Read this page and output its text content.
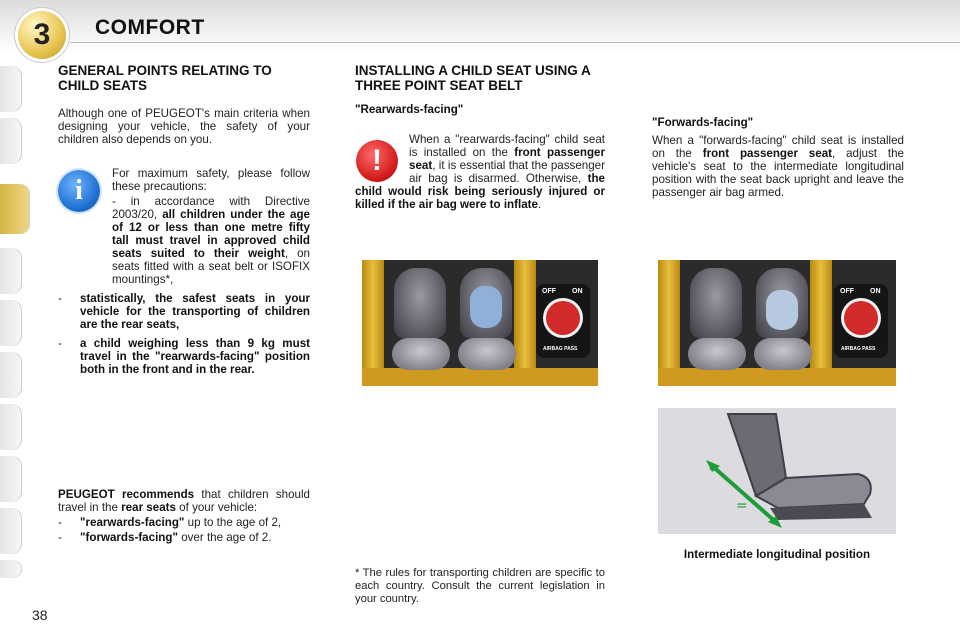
3 COMFORT
GENERAL POINTS RELATING TO CHILD SEATS
Although one of PEUGEOT's main criteria when designing your vehicle, the safety of your children also depends on you.
i
For maximum safety, please follow these precautions:
- in accordance with Directive 2003/20, all children under the age of 12 or less than one metre fifty tall must travel in approved child seats suited to their weight, on seats fitted with a seat belt or ISOFIX mountings*,
- statistically, the safest seats in your vehicle for the transporting of children are the rear seats,
- a child weighing less than 9 kg must travel in the "rearwards-facing" position both in the front and in the rear.
PEUGEOT recommends that children should travel in the rear seats of your vehicle:
- "rearwards-facing" up to the age of 2,
- "forwards-facing" over the age of 2.
38
INSTALLING A CHILD SEAT USING A THREE POINT SEAT BELT
"Rearwards-facing"
!
When a "rearwards-facing" child seat is installed on the front passenger seat, it is essential that the passenger air bag is disarmed. Otherwise, the child would risk being seriously injured or killed if the air bag were to inflate.
OFF ON
AIRBAG PASS
* The rules for transporting children are specific to each country. Consult the current legislation in your country.
"Forwards-facing"
When a "forwards-facing" child seat is installed on the front passenger seat, adjust the vehicle's seat to the intermediate longitudinal position with the seat back upright and leave the passenger air bag armed.
OFF ON
AIRBAG PASS
=
=
Intermediate longitudinal position
